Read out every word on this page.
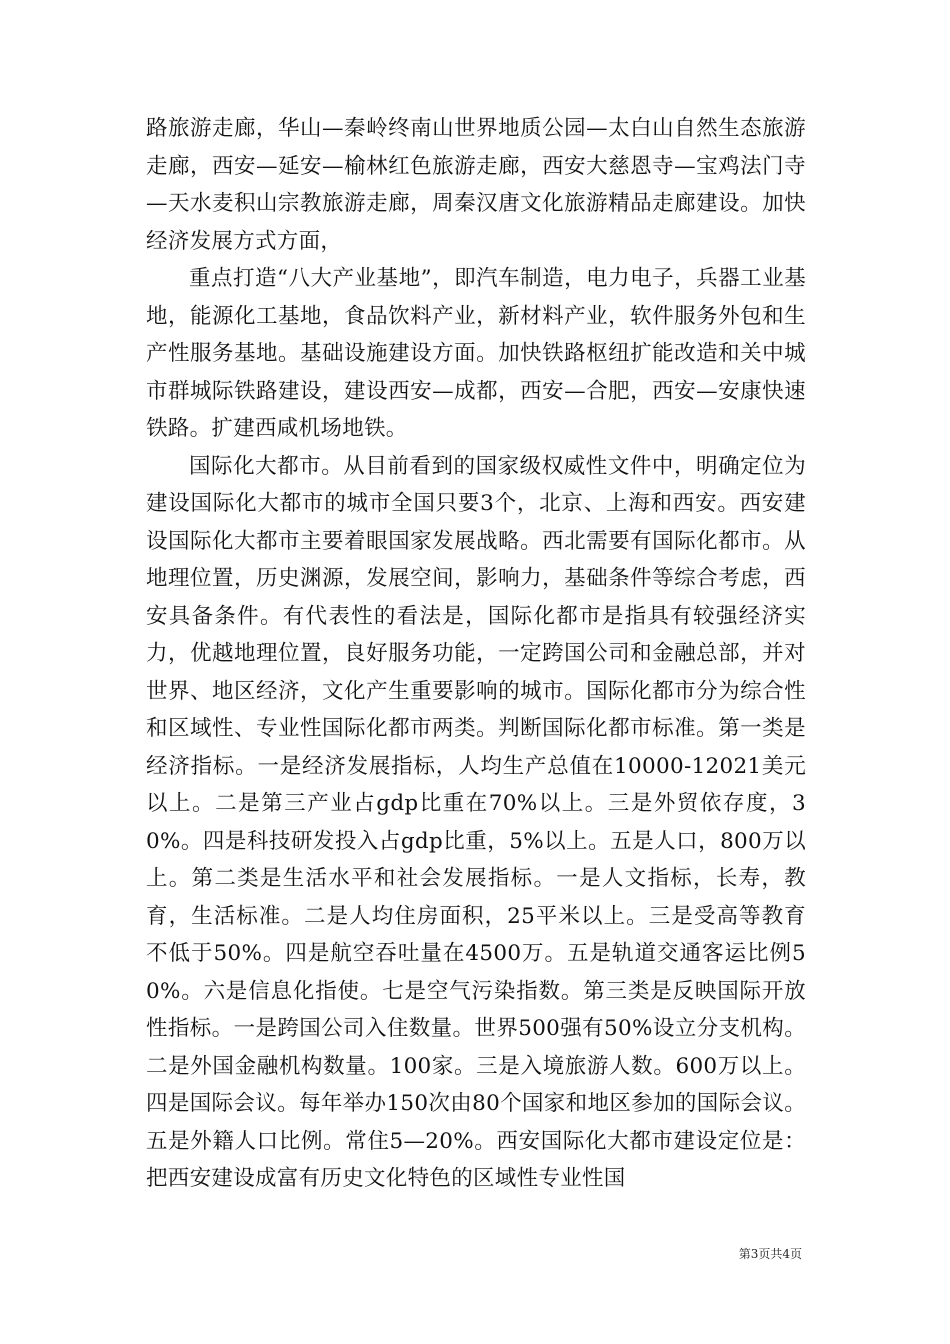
路旅游走廊，华山—秦岭终南山世界地质公园—太白山自然生态旅游走廊，西安—延安—榆林红色旅游走廊，西安大慈恩寺—宝鸡法门寺—天水麦积山宗教旅游走廊，周秦汉唐文化旅游精品走廊建设。加快经济发展方式方面，

重点打造“八大产业基地”，即汽车制造，电力电子，兵器工业基地，能源化工基地，食品饮料产业，新材料产业，软件服务外包和生产性服务基地。基础设施建设方面。加快铁路枢纽扩能改造和关中城市群城际铁路建设，建设西安—成都，西安—合肥，西安—安康快速铁路。扩建西咸机场地铁。

国际化大都市。从目前看到的国家级权威性文件中，明确定位为建设国际化大都市的城市全国只要3个，北京、上海和西安。西安建设国际化大都市主要着眼国家发展战略。西北需要有国际化都市。从地理位置，历史渊源，发展空间，影响力，基础条件等综合考虑，西安具备条件。有代表性的看法是，国际化都市是指具有较强经济实力，优越地理位置，良好服务功能，一定跨国公司和金融总部，并对世界、地区经济，文化产生重要影响的城市。国际化都市分为综合性和区域性、专业性国际化都市两类。判断国际化都市标准。第一类是经济指标。一是经济发展指标，人均生产总值在10000-12021美元以上。二是第三产业占gdp比重在70%以上。三是外贸依存度，30%。四是科技研发投入占gdp比重，5%以上。五是人口，800万以上。第二类是生活水平和社会发展指标。一是人文指标，长寿，教育，生活标准。二是人均住房面积，25平米以上。三是受高等教育不低于50%。四是航空吞吐量在4500万。五是轨道交通客运比例50%。六是信息化指使。七是空气污染指数。第三类是反映国际开放性指标。一是跨国公司入住数量。世界500强有50%设立分支机构。二是外国金融机构数量。100家。三是入境旅游人数。600万以上。四是国际会议。每年举办150次由80个国家和地区参加的国际会议。五是外籍人口比例。常住5—20%。西安国际化大都市建设定位是：把西安建设成富有历史文化特色的区域性专业性国

第3页共4页
